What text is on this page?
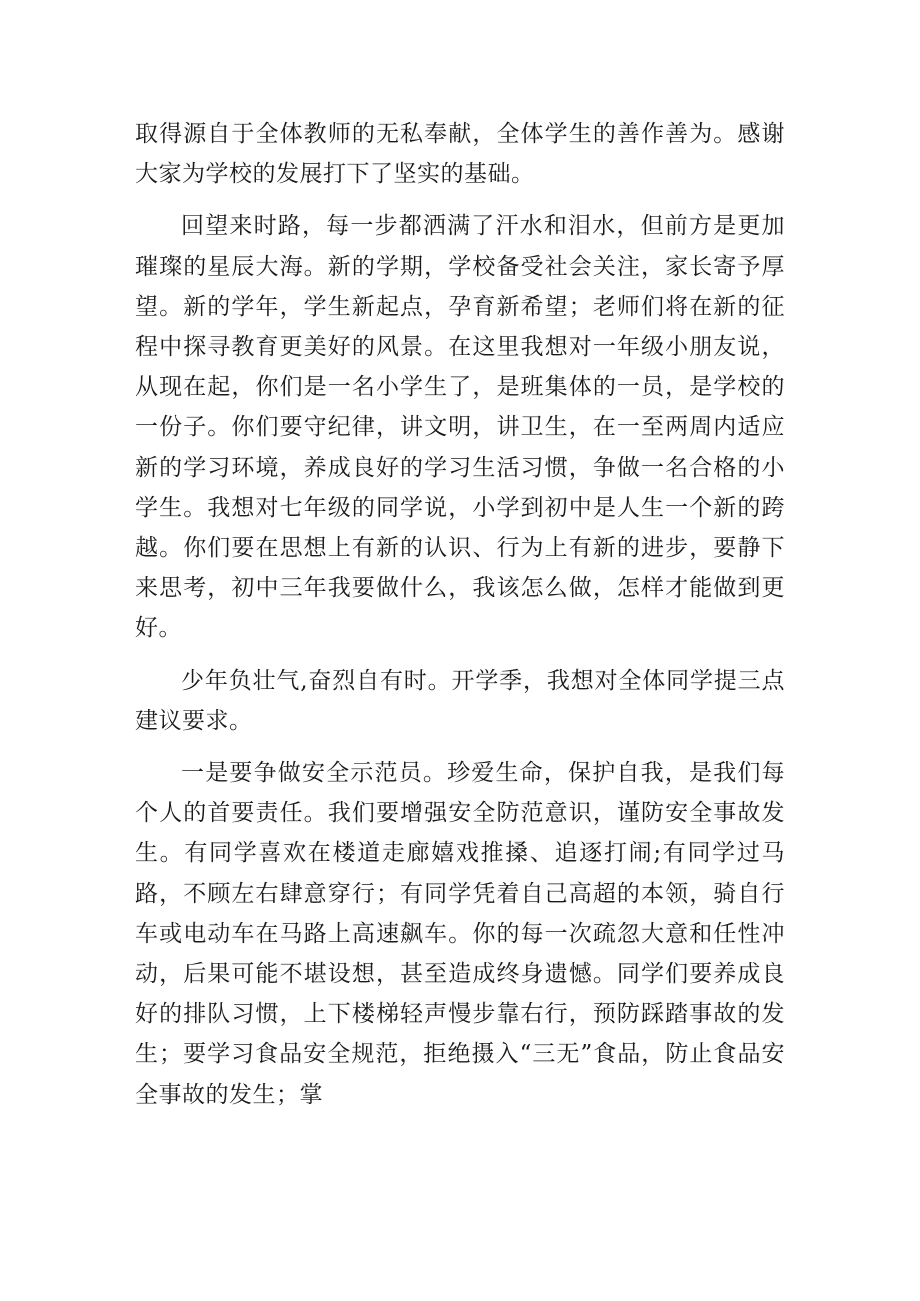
取得源自于全体教师的无私奉献，全体学生的善作善为。感谢大家为学校的发展打下了坚实的基础。

回望来时路，每一步都洒满了汗水和泪水，但前方是更加璀璨的星辰大海。新的学期，学校备受社会关注，家长寄予厚望。新的学年，学生新起点，孕育新希望；老师们将在新的征程中探寻教育更美好的风景。在这里我想对一年级小朋友说，从现在起，你们是一名小学生了，是班集体的一员，是学校的一份子。你们要守纪律，讲文明，讲卫生，在一至两周内适应新的学习环境，养成良好的学习生活习惯，争做一名合格的小学生。我想对七年级的同学说，小学到初中是人生一个新的跨越。你们要在思想上有新的认识、行为上有新的进步，要静下来思考，初中三年我要做什么，我该怎么做，怎样才能做到更好。

少年负壮气,奋烈自有时。开学季，我想对全体同学提三点建议要求。

一是要争做安全示范员。珍爱生命，保护自我，是我们每个人的首要责任。我们要增强安全防范意识，谨防安全事故发生。有同学喜欢在楼道走廊嬉戏推搡、追逐打闹;有同学过马路，不顾左右肆意穿行；有同学凭着自己高超的本领，骑自行车或电动车在马路上高速飙车。你的每一次疏忽大意和任性冲动，后果可能不堪设想，甚至造成终身遗憾。同学们要养成良好的排队习惯，上下楼梯轻声慢步靠右行，预防踩踏事故的发生；要学习食品安全规范，拒绝摄入“三无”食品，防止食品安全事故的发生；掌
